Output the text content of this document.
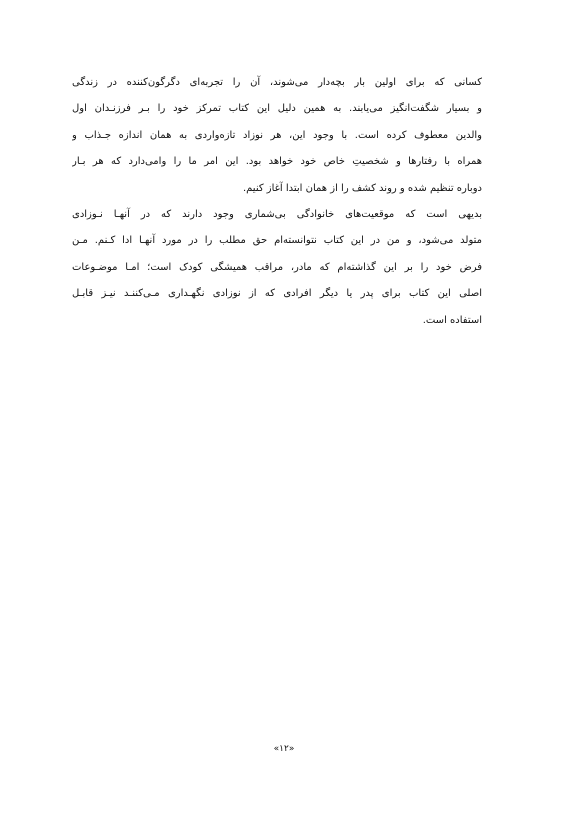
کسانی که برای اولین بار بچه‌دار می‌شوند، آن را تجربه‌ای دگرگون‌کننده در زندگی
و بسیار شگفت‌انگیز می‌یابند. به همین دلیل این کتاب تمرکز خود را بـر فرزنـدان اول
والدین معطوف کرده است. با وجود این، هر نوزاد تازه‌واردی به همان اندازه جـذاب و
همراه با رفتارها و شخصیتِ خاص خود خواهد بود. این امر ما را وامی‌دارد که هر بـار
دوباره تنظیم شده و روند کشف را از همان ابتدا آغاز کنیم.

بدیهی است که موقعیت‌های خانوادگی بی‌شماری وجود دارند که در آنهـا نـوزادی
متولد می‌شود، و من در این کتاب نتوانسته‌ام حق مطلب را در مورد آنهـا ادا کـنم. مـن
فرض خود را بر این گذاشته‌ام که مادر، مراقب همیشگی کودک است؛ امـا موضـوعات
اصلی این کتاب برای پدر یا دیگر افرادی که از نوزادی نگهـداری مـی‌کننـد نیـز قابـل
استفاده است.

«۱۲»
